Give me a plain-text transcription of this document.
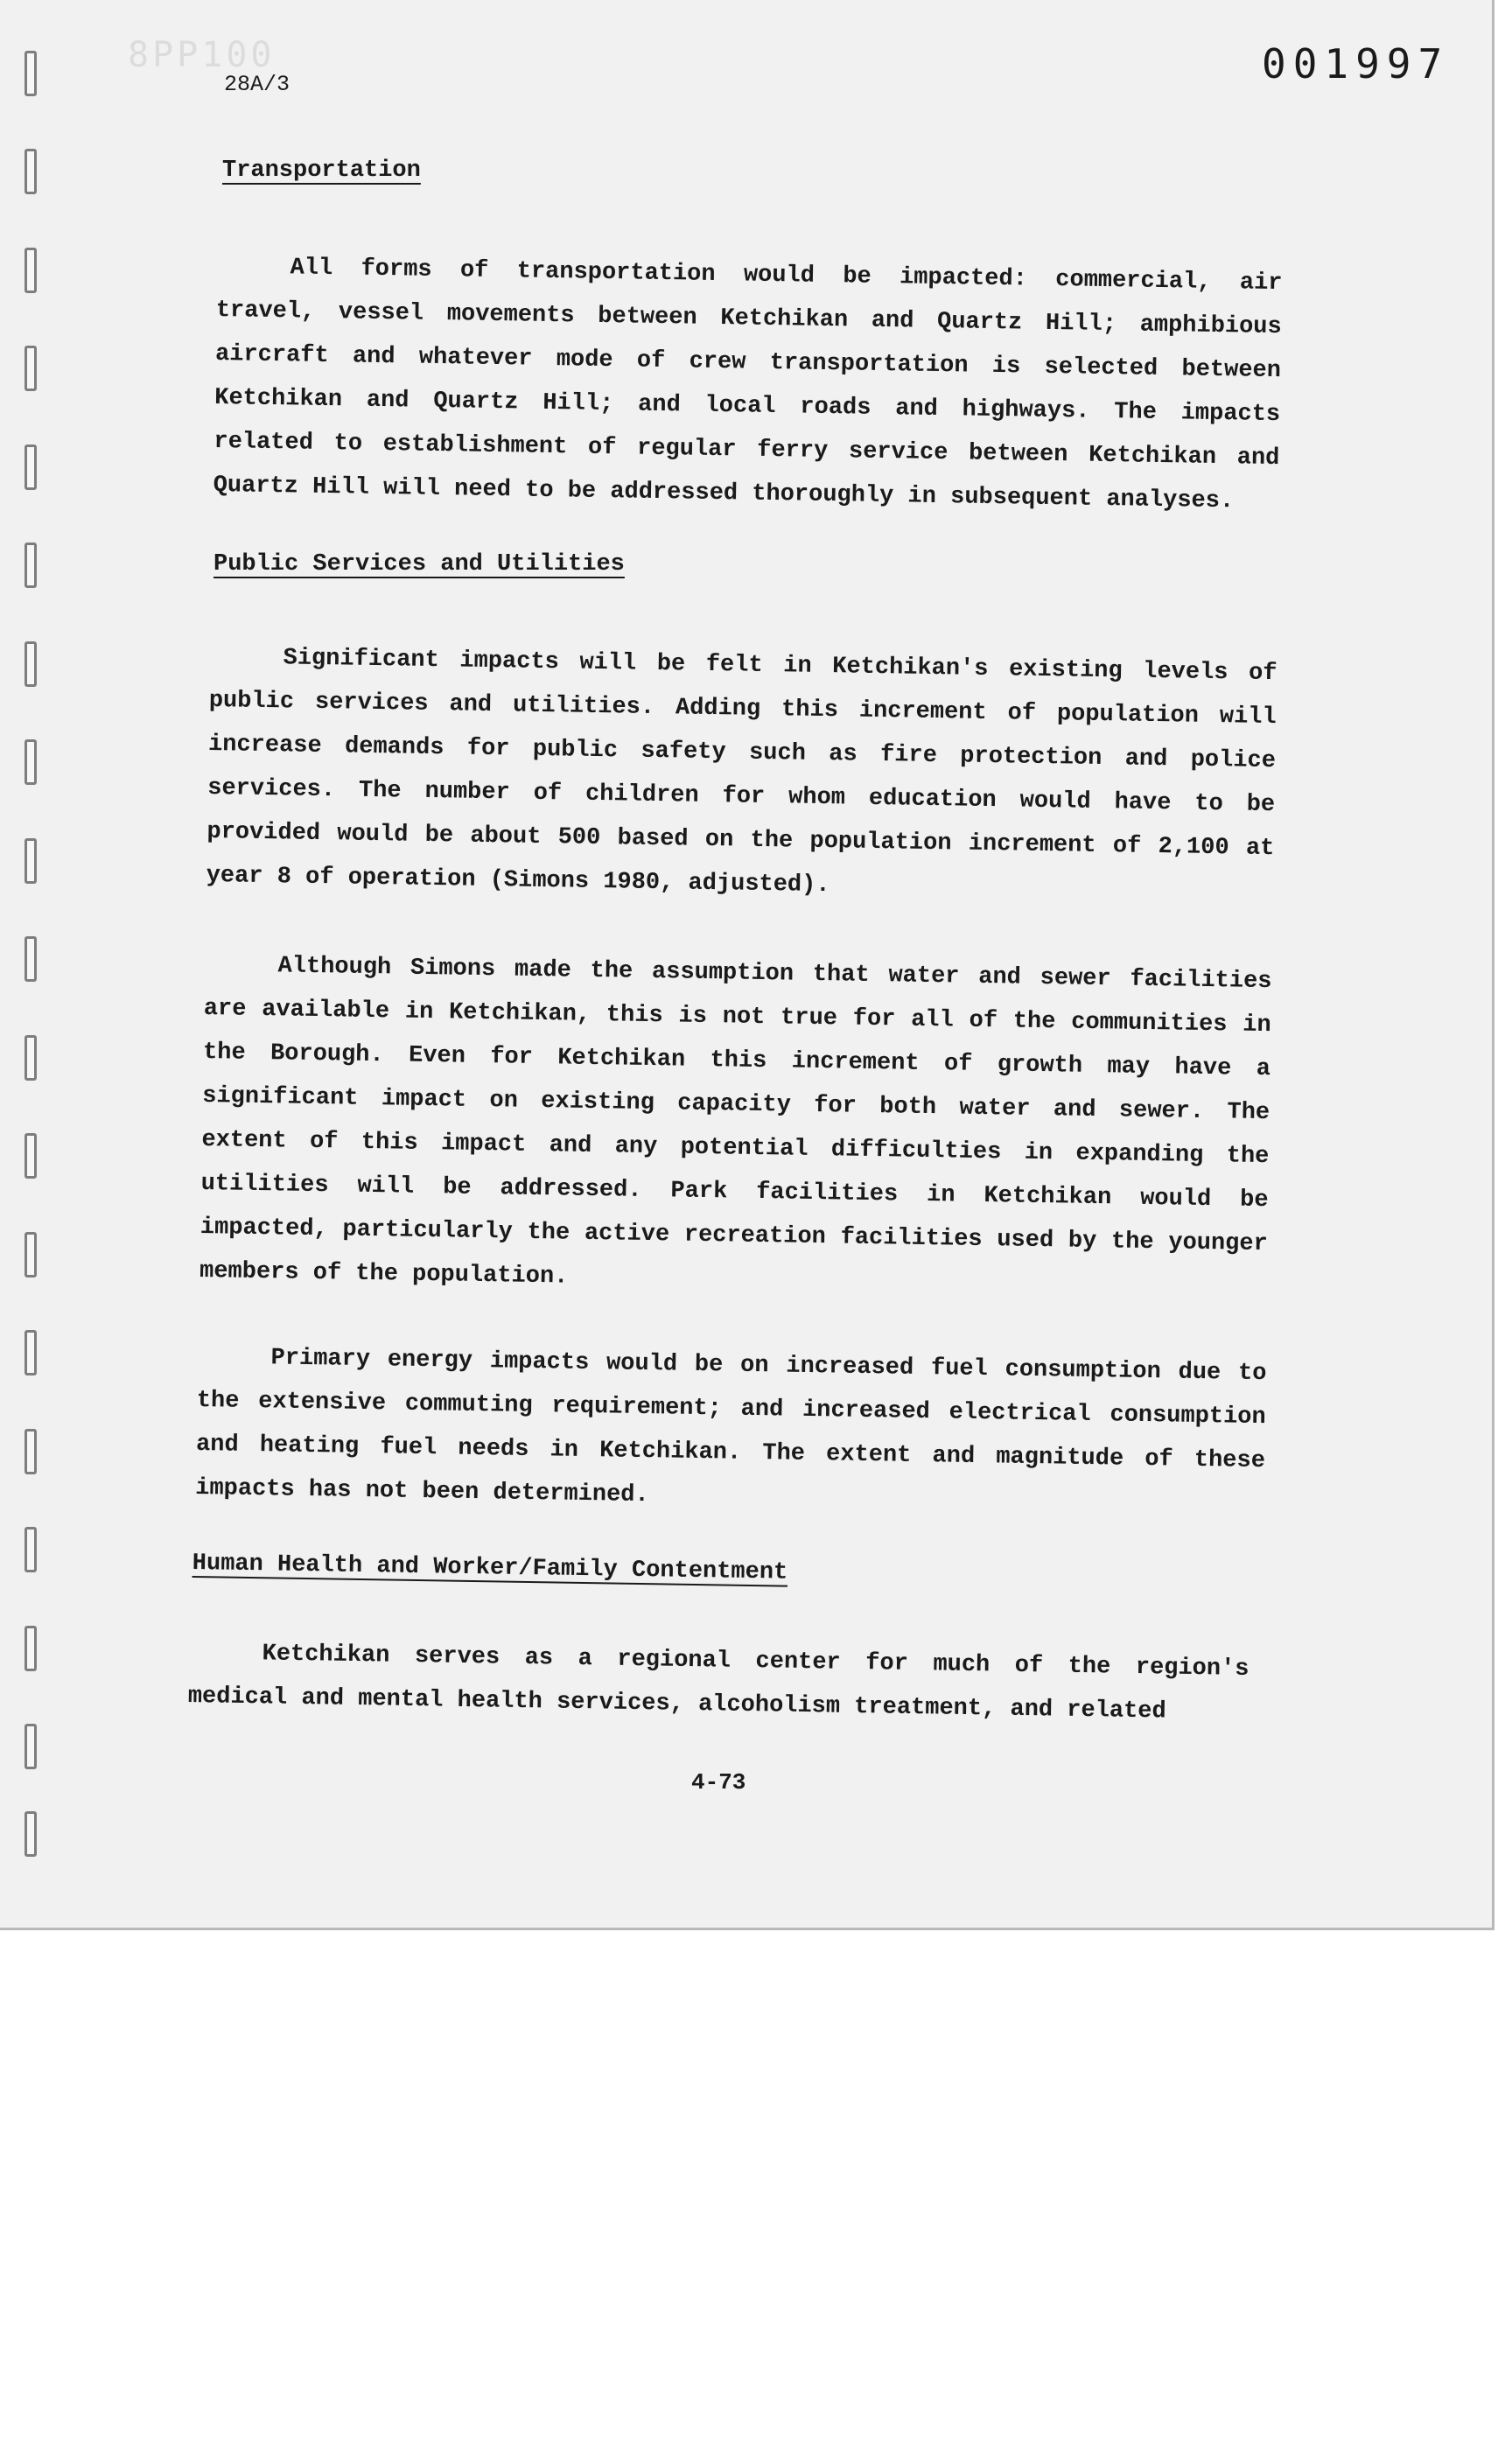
8PP100
28A/3	001997
Transportation
All forms of transportation would be impacted: commercial, air travel, vessel movements between Ketchikan and Quartz Hill; amphibious aircraft and whatever mode of crew transportation is selected between Ketchikan and Quartz Hill; and local roads and highways. The impacts related to establishment of regular ferry service between Ketchikan and Quartz Hill will need to be addressed thoroughly in subsequent analyses.
Public Services and Utilities
Significant impacts will be felt in Ketchikan's existing levels of public services and utilities. Adding this increment of population will increase demands for public safety such as fire protection and police services. The number of children for whom education would have to be provided would be about 500 based on the population increment of 2,100 at year 8 of operation (Simons 1980, adjusted).
Although Simons made the assumption that water and sewer facilities are available in Ketchikan, this is not true for all of the communities in the Borough. Even for Ketchikan this increment of growth may have a significant impact on existing capacity for both water and sewer. The extent of this impact and any potential difficulties in expanding the utilities will be addressed. Park facilities in Ketchikan would be impacted, particularly the active recreation facilities used by the younger members of the population.
Primary energy impacts would be on increased fuel consumption due to the extensive commuting requirement; and increased electrical consumption and heating fuel needs in Ketchikan. The extent and magnitude of these impacts has not been determined.
Human Health and Worker/Family Contentment
Ketchikan serves as a regional center for much of the region's medical and mental health services, alcoholism treatment, and related
4-73
